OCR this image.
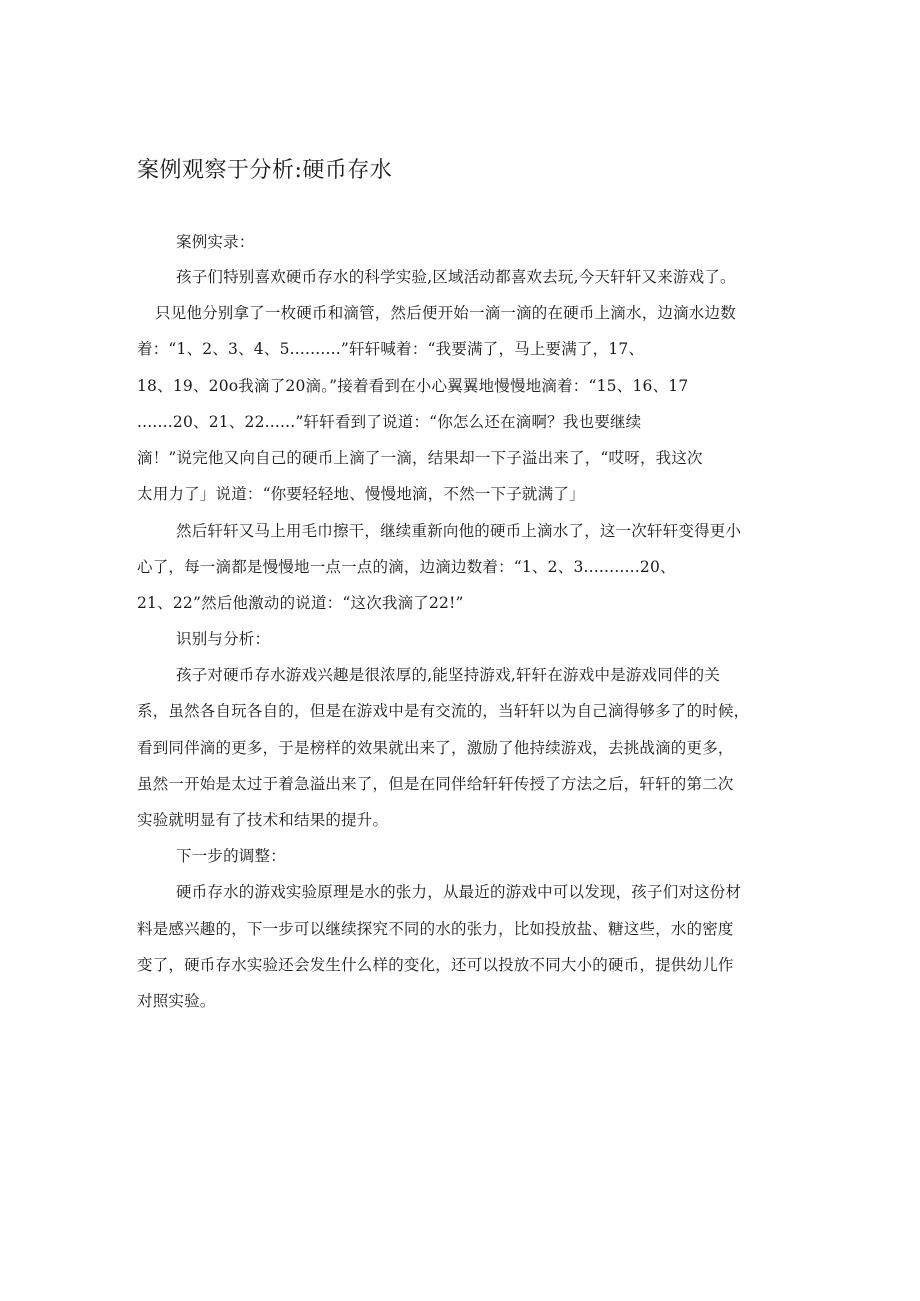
案例观察于分析:硬币存水
案例实录：
孩子们特别喜欢硬币存水的科学实验,区域活动都喜欢去玩,今天轩轩又来游戏了。
只见他分别拿了一枚硬币和滴管，然后便开始一滴一滴的在硬币上滴水，边滴水边数
着：“1、2、3、4、5..........”轩轩喊着：“我要满了，马上要满了，17、
18、19、20o我滴了20滴。”接着看到在小心翼翼地慢慢地滴着：“15、16、17
.......20、21、22......”轩轩看到了说道：“你怎么还在滴啊？我也要继续
滴！”说完他又向自己的硬币上滴了一滴，结果却一下子溢出来了，“哎呀，我这次
太用力了」说道：“你要轻轻地、慢慢地滴，不然一下子就满了」
然后轩轩又马上用毛巾擦干，继续重新向他的硬币上滴水了，这一次轩轩变得更小
心了，每一滴都是慢慢地一点一点的滴，边滴边数着：“1、2、3...........20、
21、22”然后他激动的说道：“这次我滴了22!”
识别与分析：
孩子对硬币存水游戏兴趣是很浓厚的,能坚持游戏,轩轩在游戏中是游戏同伴的关
系，虽然各自玩各自的，但是在游戏中是有交流的，当轩轩以为自己滴得够多了的时候，
看到同伴滴的更多，于是榜样的效果就出来了，激励了他持续游戏，去挑战滴的更多，
虽然一开始是太过于着急溢出来了，但是在同伴给轩轩传授了方法之后，轩轩的第二次
实验就明显有了技术和结果的提升。
下一步的调整：
硬币存水的游戏实验原理是水的张力，从最近的游戏中可以发现，孩子们对这份材
料是感兴趣的，下一步可以继续探究不同的水的张力，比如投放盐、糖这些，水的密度
变了，硬币存水实验还会发生什么样的变化，还可以投放不同大小的硬币，提供幼儿作
对照实验。
